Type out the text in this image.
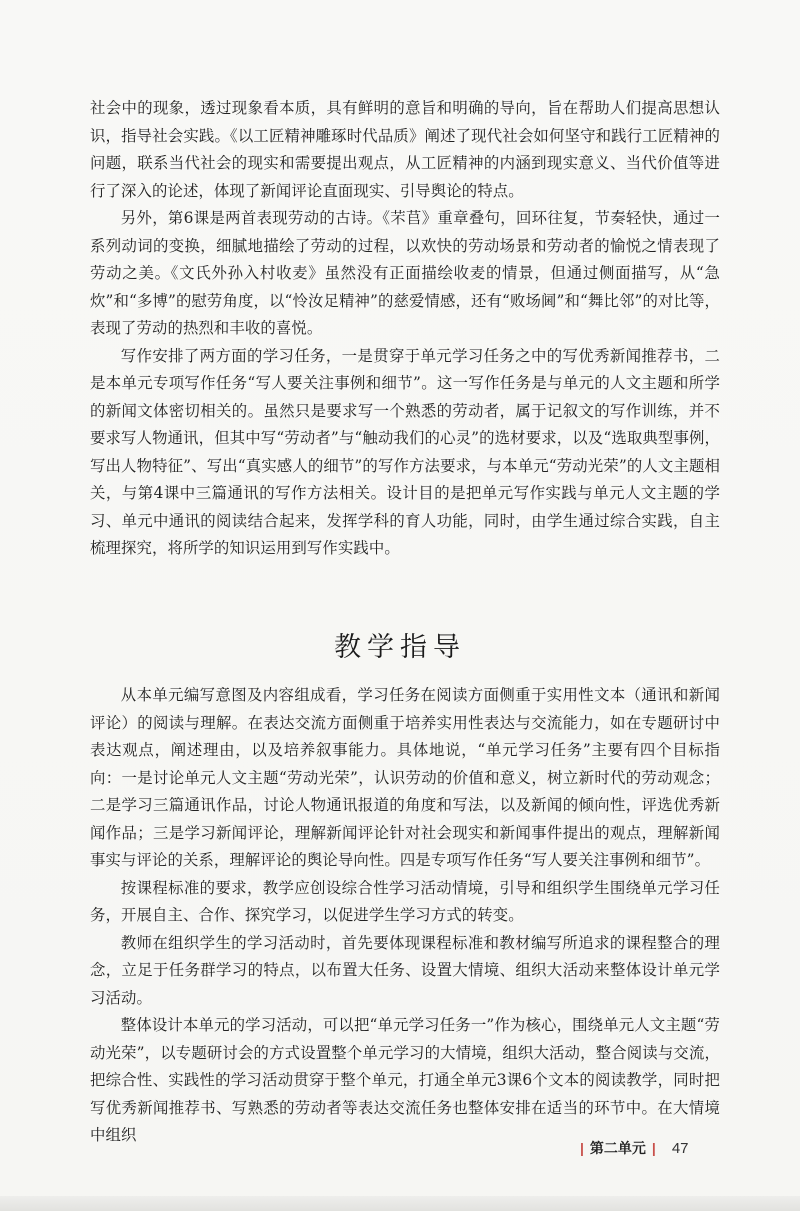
社会中的现象，透过现象看本质，具有鲜明的意旨和明确的导向，旨在帮助人们提高思想认识，指导社会实践。《以工匠精神雕琢时代品质》阐述了现代社会如何坚守和践行工匠精神的问题，联系当代社会的现实和需要提出观点，从工匠精神的内涵到现实意义、当代价值等进行了深入的论述，体现了新闻评论直面现实、引导舆论的特点。

另外，第6课是两首表现劳动的古诗。《芣苢》重章叠句，回环往复，节奏轻快，通过一系列动词的变换，细腻地描绘了劳动的过程，以欢快的劳动场景和劳动者的愉悦之情表现了劳动之美。《文氏外孙入村收麦》虽然没有正面描绘收麦的情景，但通过侧面描写，从“急炊”和“多博”的慰劳角度，以“怜汝足精神”的慈爱情感，还有“败场阃”和“舞比邻”的对比等，表现了劳动的热烈和丰收的喜悦。

写作安排了两方面的学习任务，一是贯穿于单元学习任务之中的写优秀新闻推荐书，二是本单元专项写作任务“写人要关注事例和细节”。这一写作任务是与单元的人文主题和所学的新闻文体密切相关的。虽然只是要求写一个熟悉的劳动者，属于记叙文的写作训练，并不要求写人物通讯，但其中写“劳动者”与“触动我们的心灵”的选材要求，以及“选取典型事例，写出人物特征”、写出“真实感人的细节”的写作方法要求，与本单元“劳动光荣”的人文主题相关，与第4课中三篇通讯的写作方法相关。设计目的是把单元写作实践与单元人文主题的学习、单元中通讯的阅读结合起来，发挥学科的育人功能，同时，由学生通过综合实践，自主梳理探究，将所学的知识运用到写作实践中。

教学指导

从本单元编写意图及内容组成看，学习任务在阅读方面侧重于实用性文本（通讯和新闻评论）的阅读与理解。在表达交流方面侧重于培养实用性表达与交流能力，如在专题研讨中表达观点，阐述理由，以及培养叙事能力。具体地说，“单元学习任务”主要有四个目标指向：一是讨论单元人文主题“劳动光荣”，认识劳动的价值和意义，树立新时代的劳动观念；二是学习三篇通讯作品，讨论人物通讯报道的角度和写法，以及新闻的倾向性，评选优秀新闻作品；三是学习新闻评论，理解新闻评论针对社会现实和新闻事件提出的观点，理解新闻事实与评论的关系，理解评论的舆论导向性。四是专项写作任务“写人要关注事例和细节”。

按课程标准的要求，教学应创设综合性学习活动情境，引导和组织学生围绕单元学习任务，开展自主、合作、探究学习，以促进学生学习方式的转变。

教师在组织学生的学习活动时，首先要体现课程标准和教材编写所追求的课程整合的理念，立足于任务群学习的特点，以布置大任务、设置大情境、组织大活动来整体设计单元学习活动。

整体设计本单元的学习活动，可以把“单元学习任务一”作为核心，围绕单元人文主题“劳动光荣”，以专题研讨会的方式设置整个单元学习的大情境，组织大活动，整合阅读与交流，把综合性、实践性的学习活动贯穿于整个单元，打通全单元3课6个文本的阅读教学，同时把写优秀新闻推荐书、写熟悉的劳动者等表达交流任务也整体安排在适当的环节中。在大情境中组织

| 第二单元 | 47
